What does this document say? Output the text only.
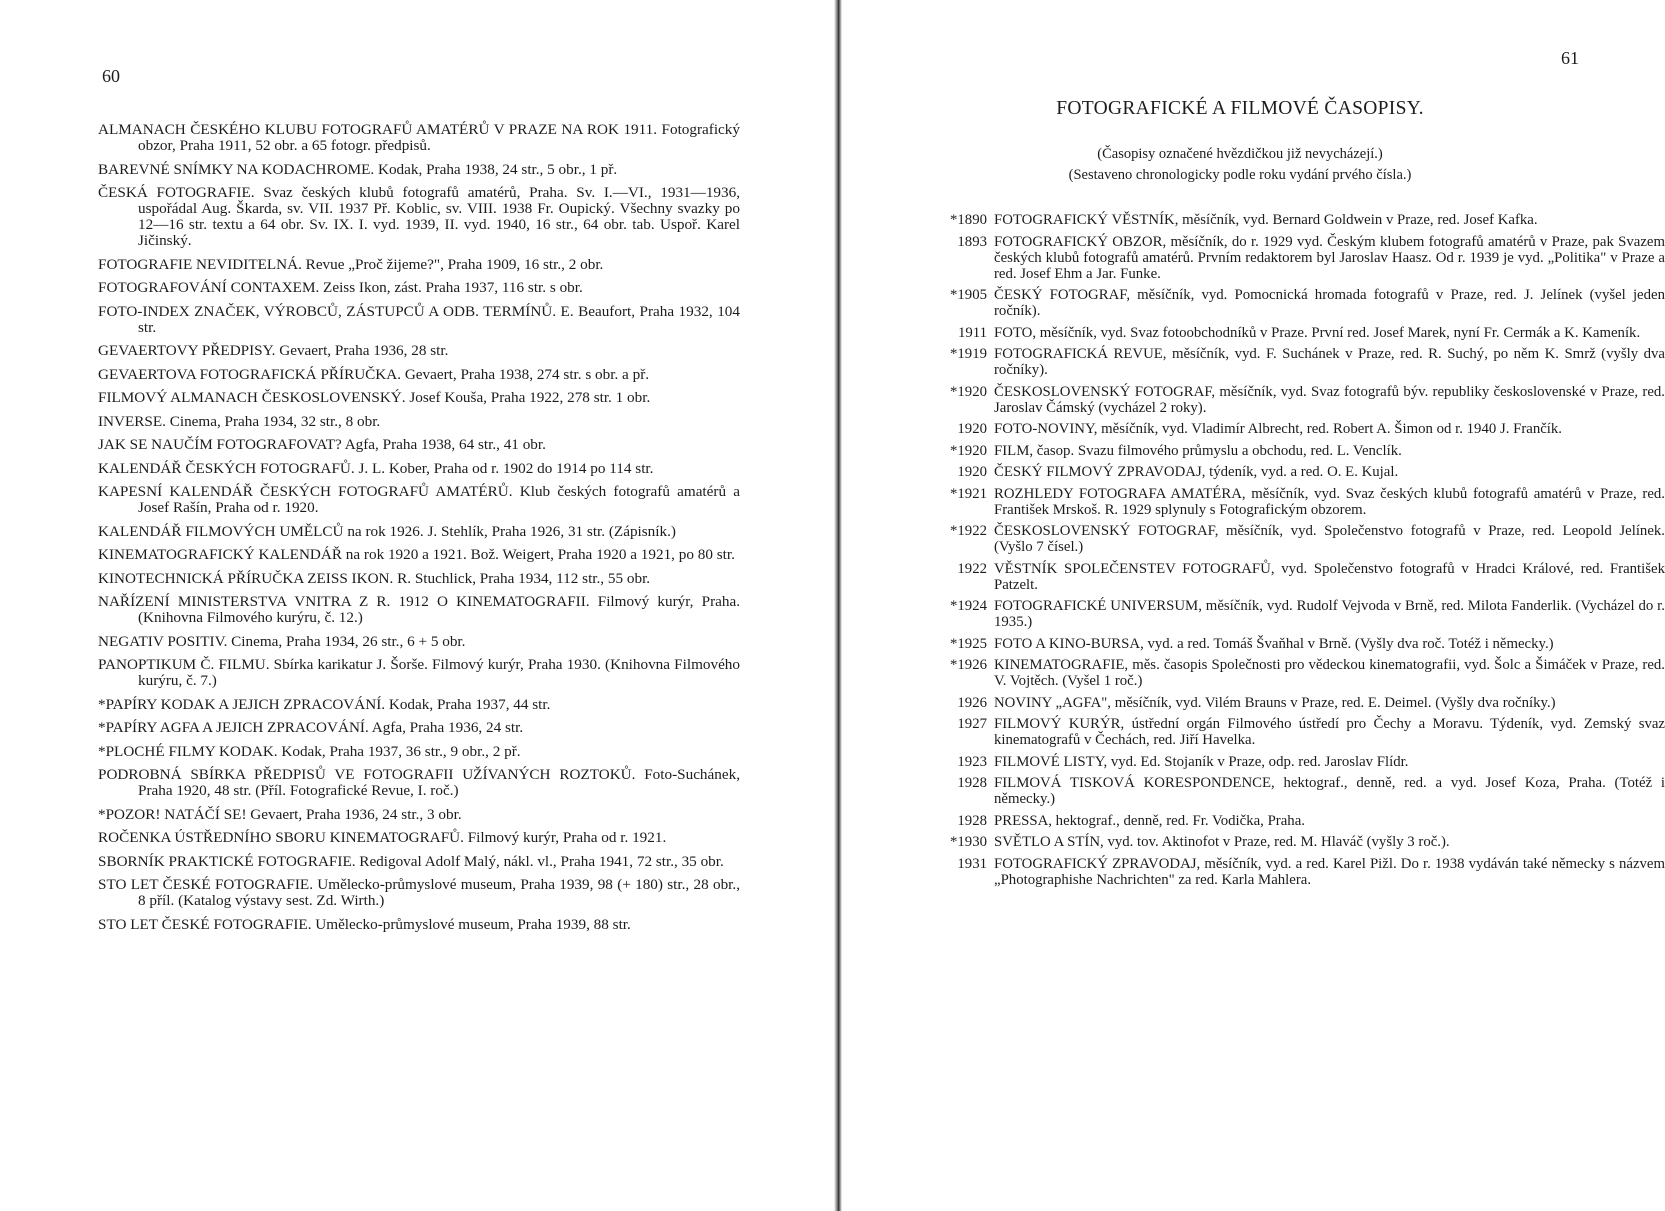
60
ALMANACH ČESKÉHO KLUBU FOTOGRAFŮ AMATÉRŮ V PRAZE NA ROK 1911. Fotografický obzor, Praha 1911, 52 obr. a 65 fotogr. předpisů.
BAREVNÉ SNÍMKY NA KODACHROME. Kodak, Praha 1938, 24 str., 5 obr., 1 př.
ČESKÁ FOTOGRAFIE. Svaz českých klubů fotografů amatérů, Praha. Sv. I.—VI., 1931—1936, uspořádal Aug. Škarda, sv. VII. 1937 Př. Koblic, sv. VIII. 1938 Fr. Oupický. Všechny svazky po 12—16 str. textu a 64 obr. Sv. IX. I. vyd. 1939, II. vyd. 1940, 16 str., 64 obr. tab. Uspoř. Karel Jičinský.
FOTOGRAFIE NEVIDITELNÁ. Revue „Proč žijeme?", Praha 1909, 16 str., 2 obr.
FOTOGRAFOVÁNÍ CONTAXEM. Zeiss Ikon, zást. Praha 1937, 116 str. s obr.
FOTO-INDEX ZNAČEK, VÝROBCŮ, ZÁSTUPCŮ A ODB. TERMÍNŮ. E. Beaufort, Praha 1932, 104 str.
GEVAERTOVY PŘEDPISY. Gevaert, Praha 1936, 28 str.
GEVAERTOVA FOTOGRAFICKÁ PŘÍRUČKA. Gevaert, Praha 1938, 274 str. s obr. a př.
FILMOVÝ ALMANACH ČESKOSLOVENSKÝ. Josef Kouša, Praha 1922, 278 str. 1 obr.
INVERSE. Cinema, Praha 1934, 32 str., 8 obr.
JAK SE NAUČÍM FOTOGRAFOVAT? Agfa, Praha 1938, 64 str., 41 obr.
KALENDÁŘ ČESKÝCH FOTOGRAFŮ. J. L. Kober, Praha od r. 1902 do 1914 po 114 str.
KAPESNÍ KALENDÁŘ ČESKÝCH FOTOGRAFŮ AMATÉRŮ. Klub českých fotografů amatérů a Josef Rašín, Praha od r. 1920.
KALENDÁŘ FILMOVÝCH UMĚLCŮ na rok 1926. J. Stehlík, Praha 1926, 31 str. (Zápisník.)
KINEMATOGRAFICKÝ KALENDÁŘ na rok 1920 a 1921. Bož. Weigert, Praha 1920 a 1921, po 80 str.
KINOTECHNICKÁ PŘÍRUČKA ZEISS IKON. R. Stuchlick, Praha 1934, 112 str., 55 obr.
NAŘÍZENÍ MINISTERSTVA VNITRA Z R. 1912 O KINEMATOGRAFII. Filmový kurýr, Praha. (Knihovna Filmového kurýru, č. 12.)
NEGATIV POSITIV. Cinema, Praha 1934, 26 str., 6 + 5 obr.
PANOPTIKUM Č. FILMU. Sbírka karikatur J. Šorše. Filmový kurýr, Praha 1930. (Knihovna Filmového kurýru, č. 7.)
*PAPÍRY KODAK A JEJICH ZPRACOVÁNÍ. Kodak, Praha 1937, 44 str.
*PAPÍRY AGFA A JEJICH ZPRACOVÁNÍ. Agfa, Praha 1936, 24 str.
*PLOCHÉ FILMY KODAK. Kodak, Praha 1937, 36 str., 9 obr., 2 př.
PODROBNÁ SBÍRKA PŘEDPISŮ VE FOTOGRAFII UŽÍVANÝCH ROZTOKŮ. Foto-Suchánek, Praha 1920, 48 str. (Příl. Fotografické Revue, I. roč.)
*POZOR! NATÁČÍ SE! Gevaert, Praha 1936, 24 str., 3 obr.
ROČENKA ÚSTŘEDNÍHO SBORU KINEMATOGRAFŮ. Filmový kurýr, Praha od r. 1921.
SBORNÍK PRAKTICKÉ FOTOGRAFIE. Redigoval Adolf Malý, nákl. vl., Praha 1941, 72 str., 35 obr.
STO LET ČESKÉ FOTOGRAFIE. Umělecko-průmyslové museum, Praha 1939, 98 (+ 180) str., 28 obr., 8 příl. (Katalog výstavy sest. Zd. Wirth.)
STO LET ČESKÉ FOTOGRAFIE. Umělecko-průmyslové museum, Praha 1939, 88 str.
61
FOTOGRAFICKÉ A FILMOVÉ ČASOPISY.
(Časopisy označené hvězdičkou již nevycházejí.)
(Sestaveno chronologicky podle roku vydání prvého čísla.)
*1890 FOTOGRAFICKÝ VĚSTNÍK, měsíčník, vyd. Bernard Goldwein v Praze, red. Josef Kafka.
1893 FOTOGRAFICKÝ OBZOR, měsíčník, do r. 1929 vyd. Českým klubem fotografů amatérů v Praze, pak Svazem českých klubů fotografů amatérů. Prvním redaktorem byl Jaroslav Haasz. Od r. 1939 je vyd. „Politika" v Praze a red. Josef Ehm a Jar. Funke.
*1905 ČESKÝ FOTOGRAF, měsíčník, vyd. Pomocnická hromada fotografů v Praze, red. J. Jelínek (vyšel jeden ročník).
1911 FOTO, měsíčník, vyd. Svaz fotoobchodníků v Praze. První red. Josef Marek, nyní Fr. Cermák a K. Kameník.
*1919 FOTOGRAFICKÁ REVUE, měsíčník, vyd. F. Suchánek v Praze, red. R. Suchý, po něm K. Smrž (vyšly dva ročníky).
*1920 ČESKOSLOVENSKÝ FOTOGRAF, měsíčník, vyd. Svaz fotografů býv. republiky československé v Praze, red. Jaroslav Čámský (vycházel 2 roky).
1920 FOTO-NOVINY, měsíčník, vyd. Vladimír Albrecht, red. Robert A. Šimon od r. 1940 J. Frančík.
*1920 FILM, časop. Svazu filmového průmyslu a obchodu, red. L. Venclík.
1920 ČESKÝ FILMOVÝ ZPRAVODAJ, týdeník, vyd. a red. O. E. Kujal.
*1921 ROZHLEDY FOTOGRAFA AMATÉRA, měsíčník, vyd. Svaz českých klubů fotografů amatérů v Praze, red. František Mrskoš. R. 1929 splynuly s Fotografickým obzorem.
*1922 ČESKOSLOVENSKÝ FOTOGRAF, měsíčník, vyd. Společenstvo fotografů v Praze, red. Leopold Jelínek. (Vyšlo 7 čísel.)
1922 VĚSTNÍK SPOLEČENSTEV FOTOGRAFŮ, vyd. Společenstvo fotografů v Hradci Králové, red. František Patzelt.
*1924 FOTOGRAFICKÉ UNIVERSUM, měsíčník, vyd. Rudolf Vejvoda v Brně, red. Milota Fanderlik. (Vycházel do r. 1935.)
*1925 FOTO A KINO-BURSA, vyd. a red. Tomáš Švaňhal v Brně. (Vyšly dva roč. Totéž i německy.)
*1926 KINEMATOGRAFIE, měs. časopis Společnosti pro vědeckou kinematografii, vyd. Šolc a Šimáček v Praze, red. V. Vojtěch. (Vyšel 1 roč.)
1926 NOVINY „AGFA", měsíčník, vyd. Vilém Brauns v Praze, red. E. Deimel. (Vyšly dva ročníky.)
1927 FILMOVÝ KURÝR, ústřední orgán Filmového ústředí pro Čechy a Moravu. Týdeník, vyd. Zemský svaz kinematografů v Čechách, red. Jiří Havelka.
1923 FILMOVÉ LISTY, vyd. Ed. Stojaník v Praze, odp. red. Jaroslav Flídr.
1928 FILMOVÁ TISKOVÁ KORESPONDENCE, hektograf., denně, red. a vyd. Josef Koza, Praha. (Totéž i německy.)
1928 PRESSA, hektograf., denně, red. Fr. Vodička, Praha.
*1930 SVĚTLO A STÍN, vyd. tov. Aktinofot v Praze, red. M. Hlaváč (vyšly 3 roč.).
1931 FOTOGRAFICKÝ ZPRAVODAJ, měsíčník, vyd. a red. Karel Pižl. Do r. 1938 vydáván také německy s názvem „Photographishe Nachrichten" za red. Karla Mahlera.
